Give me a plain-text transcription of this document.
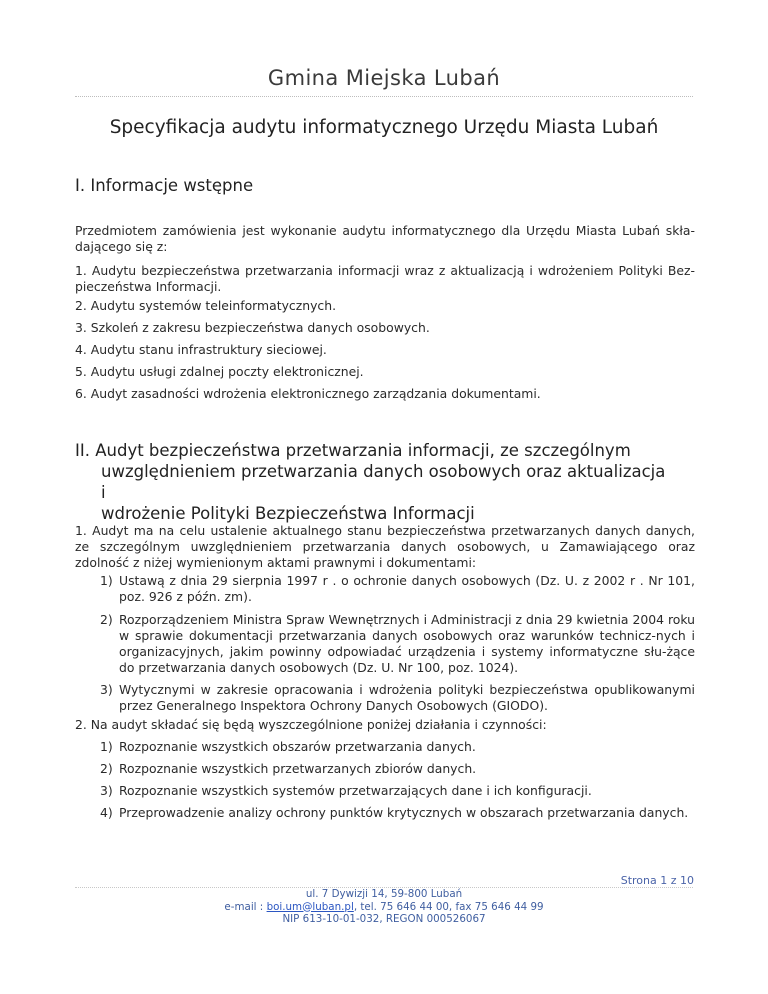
Gmina Miejska Lubań
Specyfikacja audytu informatycznego Urzędu Miasta Lubań
I. Informacje wstępne
Przedmiotem zamówienia jest wykonanie audytu informatycznego dla Urzędu Miasta Lubań skła-dającego się z:
1. Audytu bezpieczeństwa przetwarzania informacji wraz z aktualizacją i wdrożeniem Polityki Bez-pieczeństwa Informacji.
2. Audytu systemów teleinformatycznych.
3. Szkoleń z zakresu bezpieczeństwa danych osobowych.
4. Audytu stanu infrastruktury sieciowej.
5. Audytu usługi zdalnej poczty elektronicznej.
6. Audyt zasadności wdrożenia elektronicznego zarządzania dokumentami.
II. Audyt bezpieczeństwa przetwarzania informacji, ze szczególnym
uwzględnieniem przetwarzania danych osobowych oraz aktualizacja i
wdrożenie Polityki Bezpieczeństwa Informacji
1. Audyt ma na celu ustalenie aktualnego stanu bezpieczeństwa przetwarzanych danych danych, ze szczególnym uwzględnieniem przetwarzania danych osobowych, u Zamawiającego oraz zdolność z niżej wymienionym aktami prawnymi i dokumentami:
1) Ustawą z dnia 29 sierpnia 1997 r . o ochronie danych osobowych (Dz. U. z 2002 r . Nr 101, poz. 926 z późn. zm).
2) Rozporządzeniem Ministra Spraw Wewnętrznych i Administracji z dnia 29 kwietnia 2004 roku w sprawie dokumentacji przetwarzania danych osobowych oraz warunków technicz-nych i organizacyjnych, jakim powinny odpowiadać urządzenia i systemy informatyczne słu-żące do przetwarzania danych osobowych (Dz. U. Nr 100, poz. 1024).
3) Wytycznymi w zakresie opracowania i wdrożenia polityki bezpieczeństwa opublikowanymi przez Generalnego Inspektora Ochrony Danych Osobowych (GIODO).
2. Na audyt składać się będą wyszczególnione poniżej działania i czynności:
1) Rozpoznanie wszystkich obszarów przetwarzania danych.
2) Rozpoznanie wszystkich przetwarzanych zbiorów danych.
3) Rozpoznanie wszystkich systemów przetwarzających dane i ich konfiguracji.
4) Przeprowadzenie analizy ochrony punktów krytycznych w obszarach przetwarzania danych.
Strona 1 z 10
ul. 7 Dywizji 14, 59-800 Lubań
e-mail : boi.um@luban.pl, tel. 75 646 44 00, fax 75 646 44 99
NIP 613-10-01-032, REGON 000526067
